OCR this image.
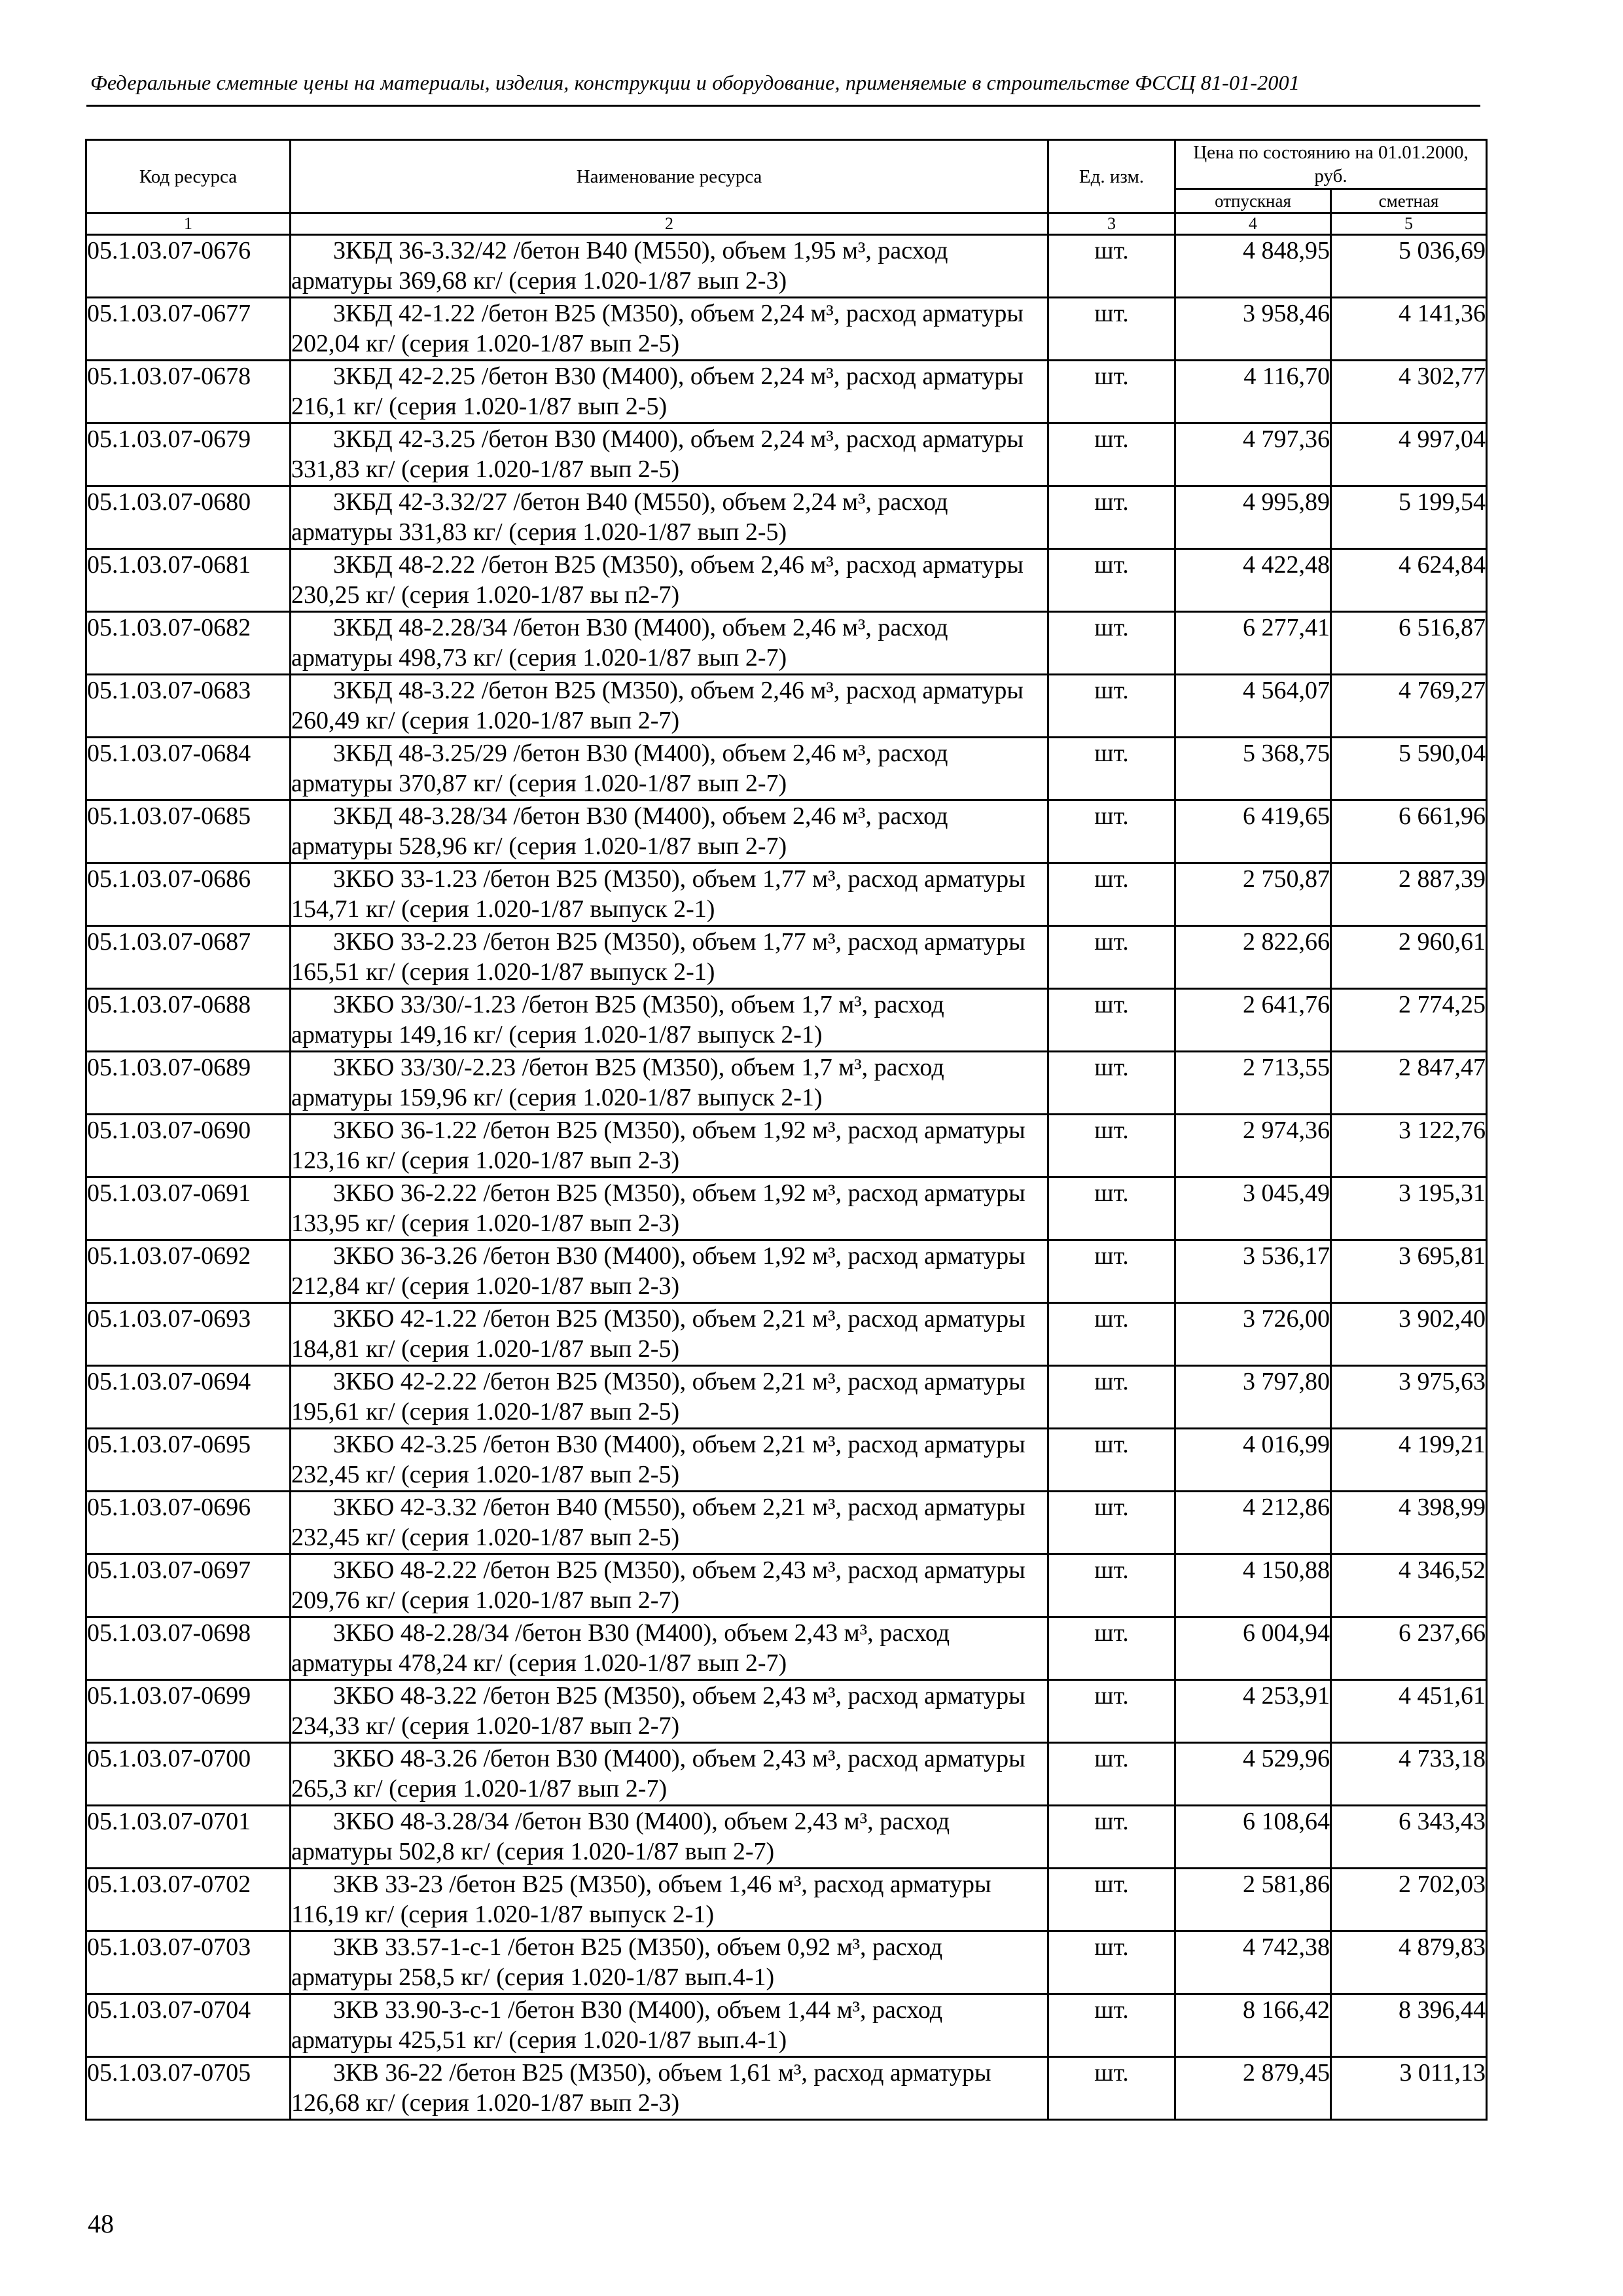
Федеральные сметные цены на материалы, изделия, конструкции и оборудование, применяемые в строительстве ФССЦ 81-01-2001
Код ресурса	Наименование ресурса	Ед. изм.	Цена по состоянию на 01.01.2000, руб.	
			отпускная	сметная
1	2	3	4	5
05.1.03.07-0676	3КБД 36-3.32/42 /бетон В40 (М550), объем 1,95 м³, расход арматуры 369,68 кг/ (серия 1.020-1/87 вып 2-3)	шт.	4 848,95	5 036,69
05.1.03.07-0677	3КБД 42-1.22 /бетон В25 (М350), объем 2,24 м³, расход арматуры 202,04 кг/ (серия 1.020-1/87 вып 2-5)	шт.	3 958,46	4 141,36
05.1.03.07-0678	3КБД 42-2.25 /бетон В30 (М400), объем 2,24 м³, расход арматуры 216,1 кг/ (серия 1.020-1/87 вып 2-5)	шт.	4 116,70	4 302,77
05.1.03.07-0679	3КБД 42-3.25 /бетон В30 (М400), объем 2,24 м³, расход арматуры 331,83 кг/ (серия 1.020-1/87 вып 2-5)	шт.	4 797,36	4 997,04
05.1.03.07-0680	3КБД 42-3.32/27 /бетон В40 (М550), объем 2,24 м³, расход арматуры 331,83 кг/ (серия 1.020-1/87 вып 2-5)	шт.	4 995,89	5 199,54
05.1.03.07-0681	3КБД 48-2.22 /бетон В25 (М350), объем 2,46 м³, расход арматуры 230,25 кг/ (серия 1.020-1/87 вы п2-7)	шт.	4 422,48	4 624,84
05.1.03.07-0682	3КБД 48-2.28/34 /бетон В30 (М400), объем 2,46 м³, расход арматуры 498,73 кг/ (серия 1.020-1/87 вып 2-7)	шт.	6 277,41	6 516,87
05.1.03.07-0683	3КБД 48-3.22 /бетон В25 (М350), объем 2,46 м³, расход арматуры 260,49 кг/ (серия 1.020-1/87 вып 2-7)	шт.	4 564,07	4 769,27
05.1.03.07-0684	3КБД 48-3.25/29 /бетон В30 (М400), объем 2,46 м³, расход арматуры 370,87 кг/ (серия 1.020-1/87 вып 2-7)	шт.	5 368,75	5 590,04
05.1.03.07-0685	3КБД 48-3.28/34 /бетон В30 (М400), объем 2,46 м³, расход арматуры 528,96 кг/ (серия 1.020-1/87 вып 2-7)	шт.	6 419,65	6 661,96
05.1.03.07-0686	3КБО 33-1.23 /бетон В25 (М350), объем 1,77 м³, расход арматуры 154,71 кг/ (серия 1.020-1/87 выпуск 2-1)	шт.	2 750,87	2 887,39
05.1.03.07-0687	3КБО 33-2.23 /бетон В25 (М350), объем 1,77 м³, расход арматуры 165,51 кг/ (серия 1.020-1/87 выпуск 2-1)	шт.	2 822,66	2 960,61
05.1.03.07-0688	3КБО 33/30/-1.23 /бетон В25 (М350), объем 1,7 м³, расход арматуры 149,16 кг/ (серия 1.020-1/87 выпуск 2-1)	шт.	2 641,76	2 774,25
05.1.03.07-0689	3КБО 33/30/-2.23 /бетон В25 (М350), объем 1,7 м³, расход арматуры 159,96 кг/ (серия 1.020-1/87 выпуск 2-1)	шт.	2 713,55	2 847,47
05.1.03.07-0690	3КБО 36-1.22 /бетон В25 (М350), объем 1,92 м³, расход арматуры 123,16 кг/ (серия 1.020-1/87 вып 2-3)	шт.	2 974,36	3 122,76
05.1.03.07-0691	3КБО 36-2.22 /бетон В25 (М350), объем 1,92 м³, расход арматуры 133,95 кг/ (серия 1.020-1/87 вып 2-3)	шт.	3 045,49	3 195,31
05.1.03.07-0692	3КБО 36-3.26 /бетон В30 (М400), объем 1,92 м³, расход арматуры 212,84 кг/ (серия 1.020-1/87 вып 2-3)	шт.	3 536,17	3 695,81
05.1.03.07-0693	3КБО 42-1.22 /бетон В25 (М350), объем 2,21 м³, расход арматуры 184,81 кг/ (серия 1.020-1/87 вып 2-5)	шт.	3 726,00	3 902,40
05.1.03.07-0694	3КБО 42-2.22 /бетон В25 (М350), объем 2,21 м³, расход арматуры 195,61 кг/ (серия 1.020-1/87 вып 2-5)	шт.	3 797,80	3 975,63
05.1.03.07-0695	3КБО 42-3.25 /бетон В30 (М400), объем 2,21 м³, расход арматуры 232,45 кг/ (серия 1.020-1/87 вып 2-5)	шт.	4 016,99	4 199,21
05.1.03.07-0696	3КБО 42-3.32 /бетон В40 (М550), объем 2,21 м³, расход арматуры 232,45 кг/ (серия 1.020-1/87 вып 2-5)	шт.	4 212,86	4 398,99
05.1.03.07-0697	3КБО 48-2.22 /бетон В25 (М350), объем 2,43 м³, расход арматуры 209,76 кг/ (серия 1.020-1/87 вып 2-7)	шт.	4 150,88	4 346,52
05.1.03.07-0698	3КБО 48-2.28/34 /бетон В30 (М400), объем 2,43 м³, расход арматуры 478,24 кг/ (серия 1.020-1/87 вып 2-7)	шт.	6 004,94	6 237,66
05.1.03.07-0699	3КБО 48-3.22 /бетон В25 (М350), объем 2,43 м³, расход арматуры 234,33 кг/ (серия 1.020-1/87 вып 2-7)	шт.	4 253,91	4 451,61
05.1.03.07-0700	3КБО 48-3.26 /бетон В30 (М400), объем 2,43 м³, расход арматуры 265,3 кг/ (серия 1.020-1/87 вып 2-7)	шт.	4 529,96	4 733,18
05.1.03.07-0701	3КБО 48-3.28/34 /бетон В30 (М400), объем 2,43 м³, расход арматуры 502,8 кг/ (серия 1.020-1/87 вып 2-7)	шт.	6 108,64	6 343,43
05.1.03.07-0702	3КВ 33-23 /бетон В25 (М350), объем 1,46 м³, расход арматуры 116,19 кг/ (серия 1.020-1/87 выпуск 2-1)	шт.	2 581,86	2 702,03
05.1.03.07-0703	3КВ 33.57-1-с-1 /бетон В25 (М350), объем 0,92 м³, расход арматуры 258,5 кг/ (серия 1.020-1/87 вып.4-1)	шт.	4 742,38	4 879,83
05.1.03.07-0704	3КВ 33.90-3-с-1 /бетон В30 (М400), объем 1,44 м³, расход арматуры 425,51 кг/ (серия 1.020-1/87 вып.4-1)	шт.	8 166,42	8 396,44
05.1.03.07-0705	3КВ 36-22 /бетон В25 (М350), объем 1,61 м³, расход арматуры 126,68 кг/ (серия 1.020-1/87 вып 2-3)	шт.	2 879,45	3 011,13
48
